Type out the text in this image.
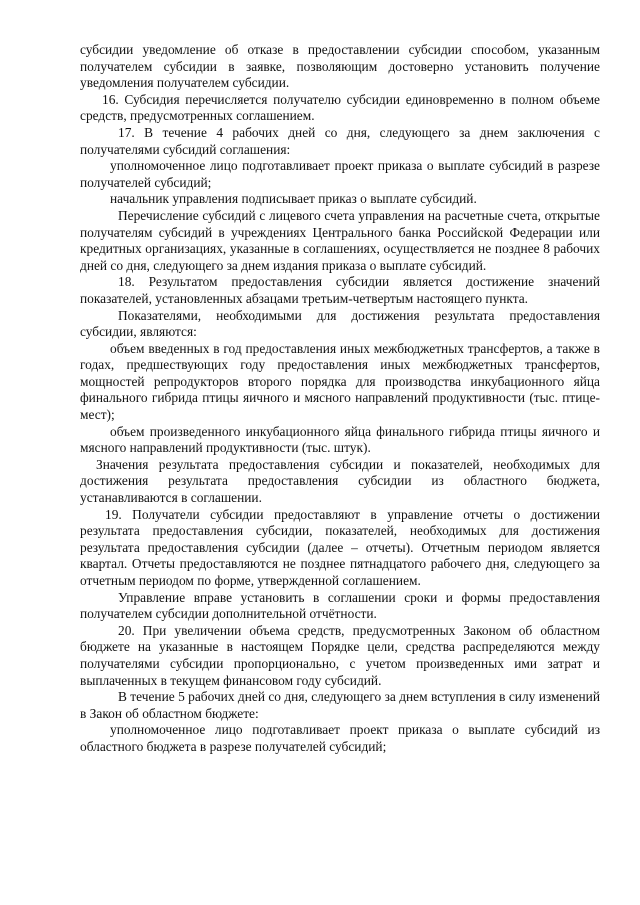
субсидии уведомление об отказе в предоставлении субсидии способом, указанным получателем субсидии в заявке, позволяющим достоверно установить получение уведомления получателем субсидии.

16. Субсидия перечисляется получателю субсидии единовременно в полном объеме средств, предусмотренных соглашением.

17. В течение 4 рабочих дней со дня, следующего за днем заключения с получателями субсидий соглашения:

уполномоченное лицо подготавливает проект приказа о выплате субсидий в разрезе получателей субсидий;

начальник управления подписывает приказ о выплате субсидий.

Перечисление субсидий с лицевого счета управления на расчетные счета, открытые получателям субсидий в учреждениях Центрального банка Российской Федерации или кредитных организациях, указанные в соглашениях, осуществляется не позднее 8 рабочих дней со дня, следующего за днем издания приказа о выплате субсидий.

18. Результатом предоставления субсидии является достижение значений показателей, установленных абзацами третьим-четвертым настоящего пункта.

Показателями, необходимыми для достижения результата предоставления субсидии, являются:

объем введенных в год предоставления иных межбюджетных трансфертов, а также в годах, предшествующих году предоставления иных межбюджетных трансфертов, мощностей репродукторов второго порядка для производства инкубационного яйца финального гибрида птицы яичного и мясного направлений продуктивности (тыс. птице-мест);

объем произведенного инкубационного яйца финального гибрида птицы яичного и мясного направлений продуктивности (тыс. штук).

Значения результата предоставления субсидии и показателей, необходимых для достижения результата предоставления субсидии из областного бюджета, устанавливаются в соглашении.

19. Получатели субсидии предоставляют в управление отчеты о достижении результата предоставления субсидии, показателей, необходимых для достижения результата предоставления субсидии (далее – отчеты). Отчетным периодом является квартал. Отчеты предоставляются не позднее пятнадцатого рабочего дня, следующего за отчетным периодом по форме, утвержденной соглашением.

Управление вправе установить в соглашении сроки и формы предоставления получателем субсидии дополнительной отчётности.

20. При увеличении объема средств, предусмотренных Законом об областном бюджете на указанные в настоящем Порядке цели, средства распределяются между получателями субсидии пропорционально, с учетом произведенных ими затрат и выплаченных в текущем финансовом году субсидий.

В течение 5 рабочих дней со дня, следующего за днем вступления в силу изменений в Закон об областном бюджете:

уполномоченное лицо подготавливает проект приказа о выплате субсидий из областного бюджета в разрезе получателей субсидий;
